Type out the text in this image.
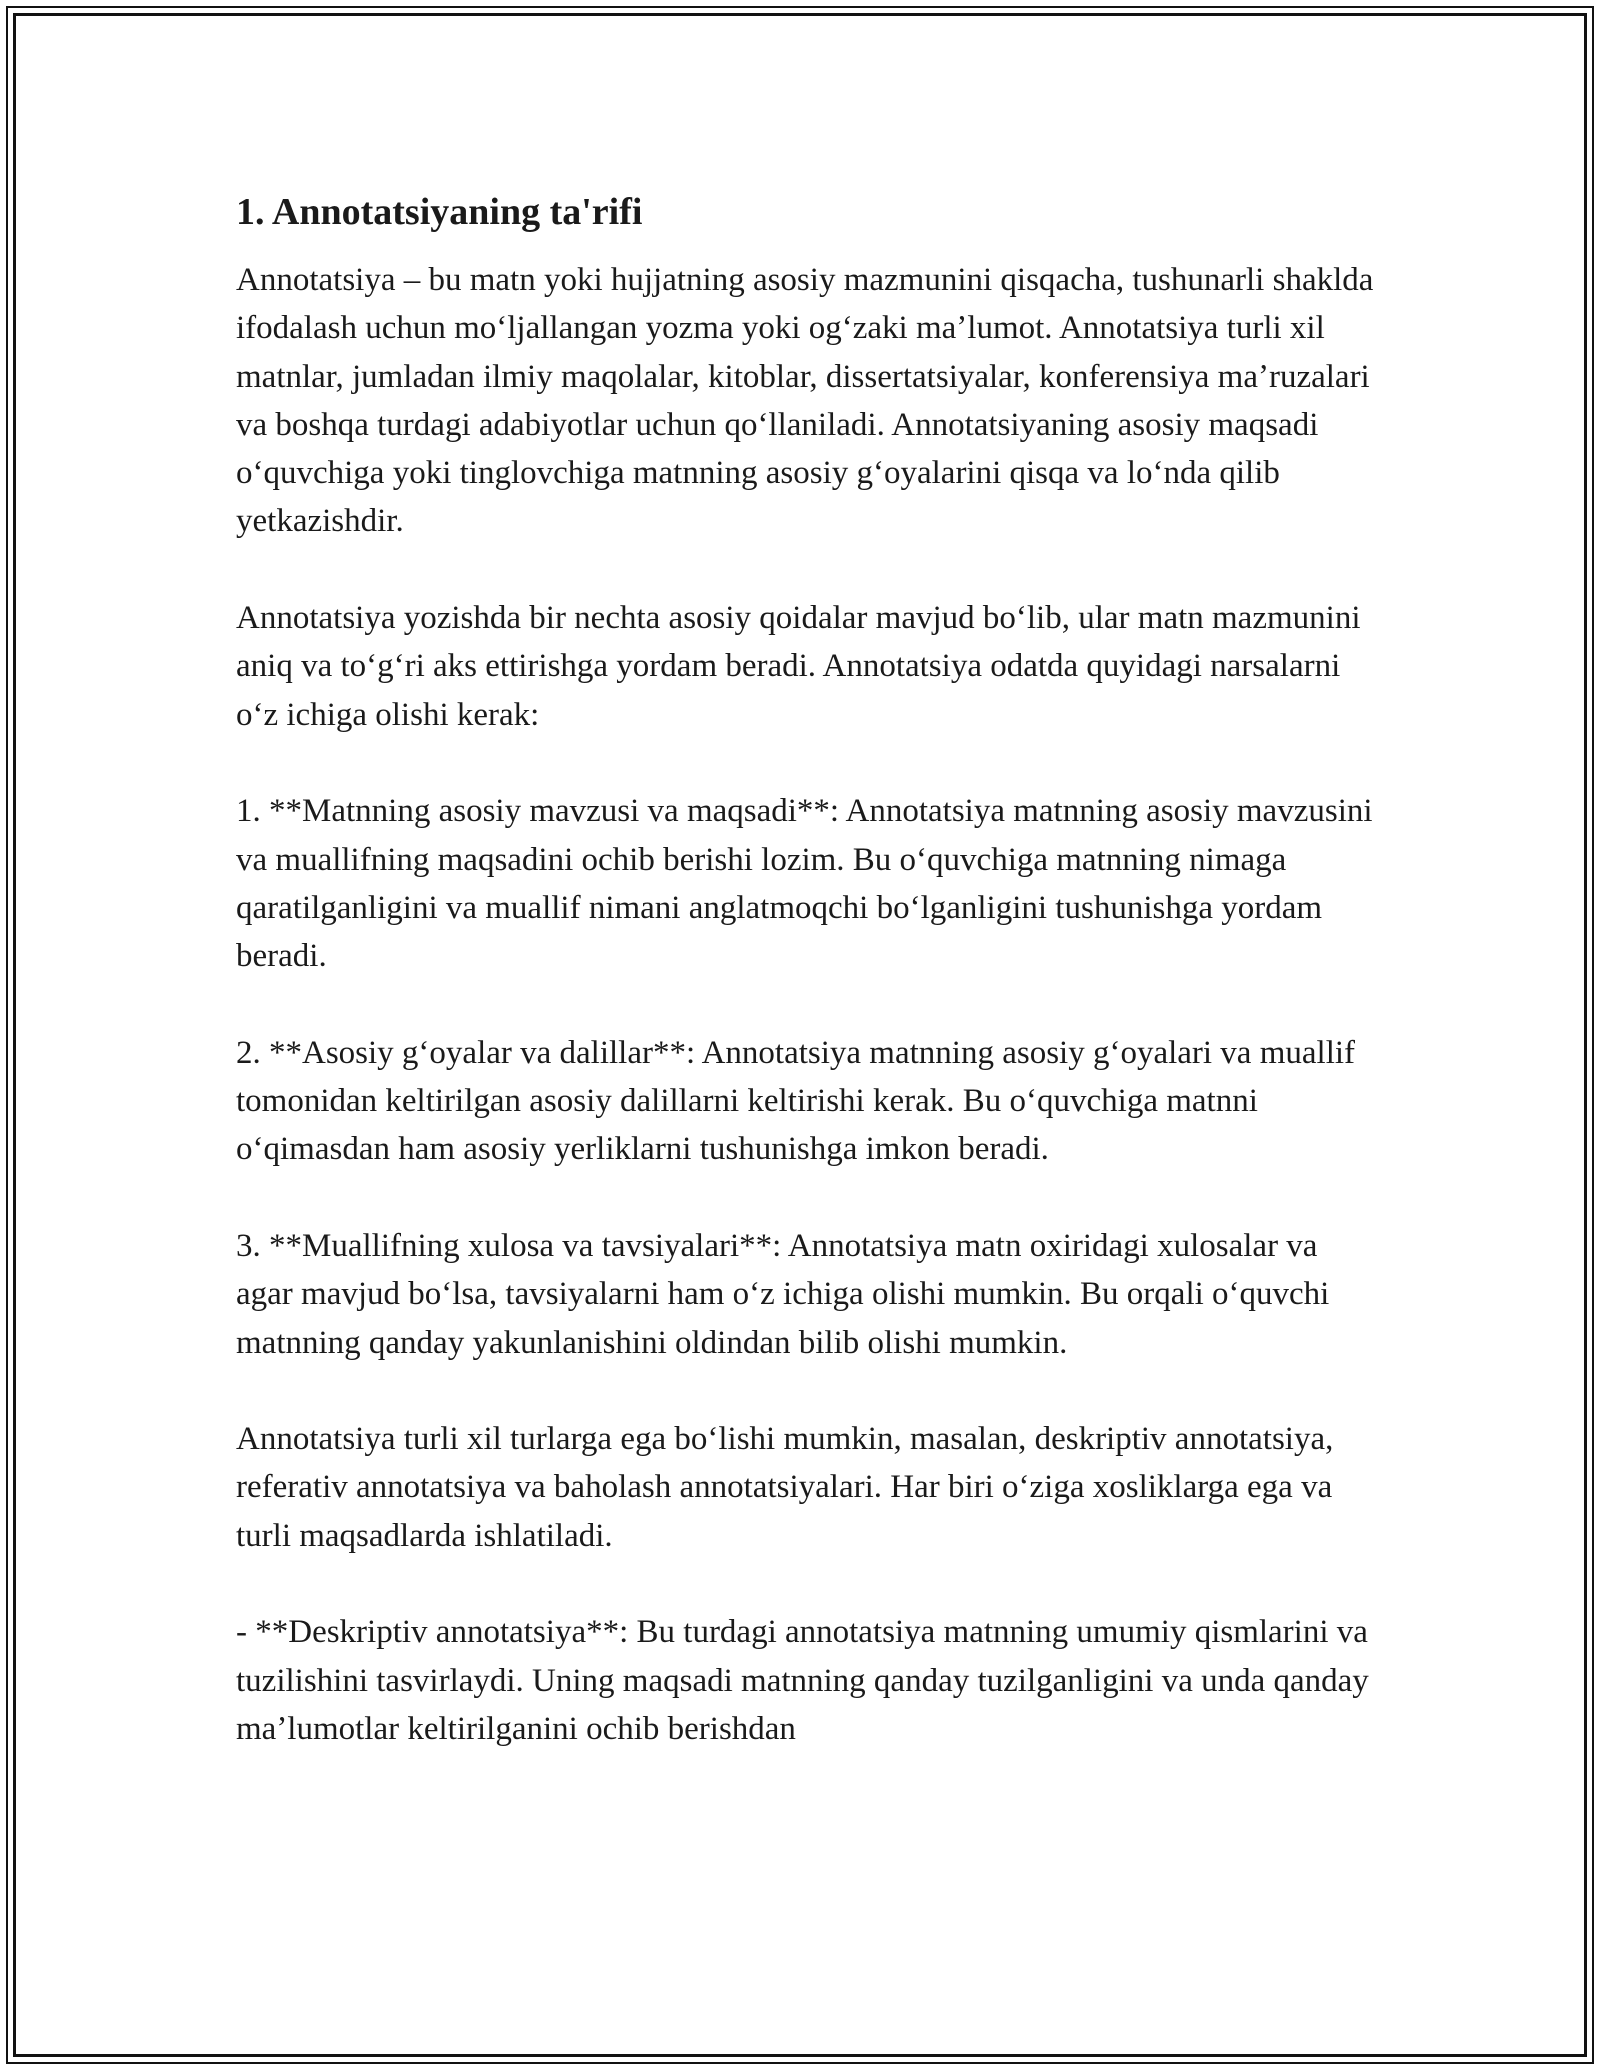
1. Annotatsiyaning ta'rifi

Annotatsiya – bu matn yoki hujjatning asosiy mazmunini qisqacha, tushunarli shaklda ifodalash uchun moʻljallangan yozma yoki ogʻzaki maʼlumot. Annotatsiya turli xil matnlar, jumladan ilmiy maqolalar, kitoblar, dissertatsiyalar, konferensiya maʼruzalari va boshqa turdagi adabiyotlar uchun qoʻllaniladi. Annotatsiyaning asosiy maqsadi oʻquvchiga yoki tinglovchiga matnning asosiy gʻoyalarini qisqa va loʻnda qilib yetkazishdir.

Annotatsiya yozishda bir nechta asosiy qoidalar mavjud boʻlib, ular matn mazmunini aniq va toʻgʻri aks ettirishga yordam beradi. Annotatsiya odatda quyidagi narsalarni oʻz ichiga olishi kerak:

1. **Matnning asosiy mavzusi va maqsadi**: Annotatsiya matnning asosiy mavzusini va muallifning maqsadini ochib berishi lozim. Bu oʻquvchiga matnning nimaga qaratilganligini va muallif nimani anglatmoqchi boʻlganligini tushunishga yordam beradi.

2. **Asosiy gʻoyalar va dalillar**: Annotatsiya matnning asosiy gʻoyalari va muallif tomonidan keltirilgan asosiy dalillarni keltirishi kerak. Bu oʻquvchiga matnni oʻqimasdan ham asosiy yerliklarni tushunishga imkon beradi.

3. **Muallifning xulosa va tavsiyalari**: Annotatsiya matn oxiridagi xulosalar va agar mavjud boʻlsa, tavsiyalarni ham oʻz ichiga olishi mumkin. Bu orqali oʻquvchi matnning qanday yakunlanishini oldindan bilib olishi mumkin.

Annotatsiya turli xil turlarga ega boʻlishi mumkin, masalan, deskriptiv annotatsiya, referativ annotatsiya va baholash annotatsiyalari. Har biri oʻziga xosliklarga ega va turli maqsadlarda ishlatiladi.

- **Deskriptiv annotatsiya**: Bu turdagi annotatsiya matnning umumiy qismlarini va tuzilishini tasvirlaydi. Uning maqsadi matnning qanday tuzilganligini va unda qanday maʼlumotlar keltirilganini ochib berishdan
